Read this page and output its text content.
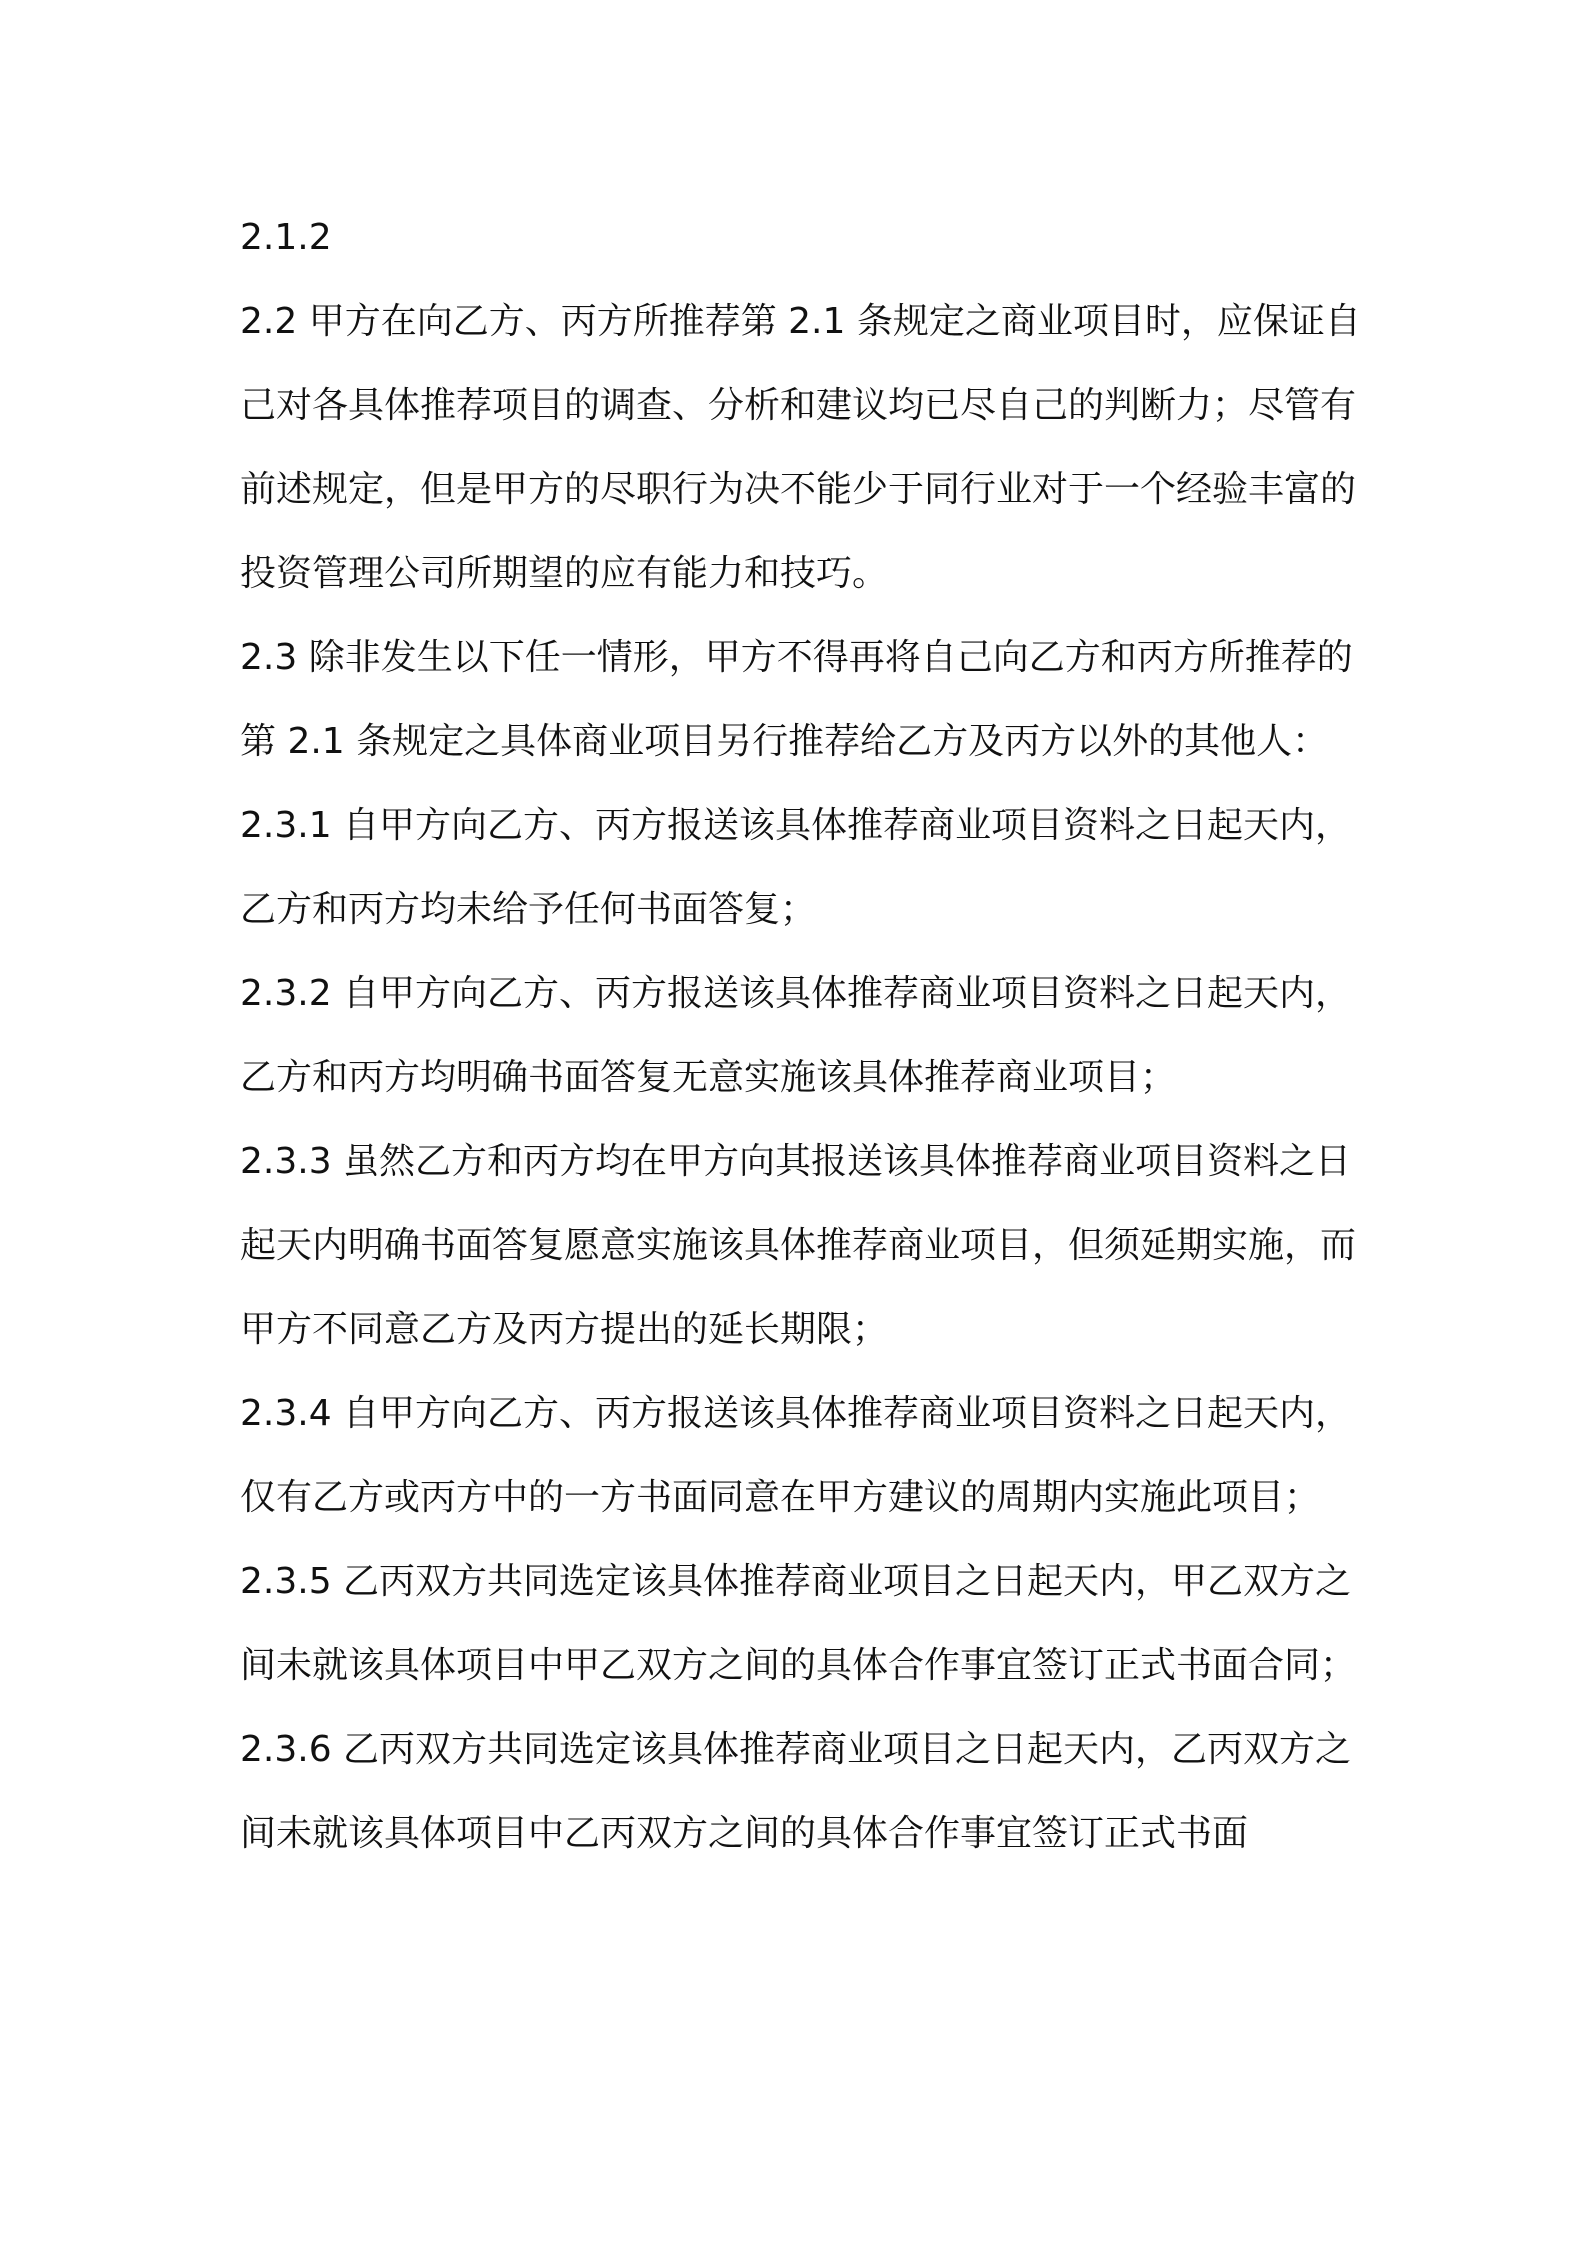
2.1.2

2.2 甲方在向乙方、丙方所推荐第 2.1 条规定之商业项目时，应保证自己对各具体推荐项目的调查、分析和建议均已尽自己的判断力；尽管有前述规定，但是甲方的尽职行为决不能少于同行业对于一个经验丰富的投资管理公司所期望的应有能力和技巧。

2.3 除非发生以下任一情形，甲方不得再将自己向乙方和丙方所推荐的第 2.1 条规定之具体商业项目另行推荐给乙方及丙方以外的其他人：

2.3.1 自甲方向乙方、丙方报送该具体推荐商业项目资料之日起天内，乙方和丙方均未给予任何书面答复；

2.3.2 自甲方向乙方、丙方报送该具体推荐商业项目资料之日起天内，乙方和丙方均明确书面答复无意实施该具体推荐商业项目；

2.3.3 虽然乙方和丙方均在甲方向其报送该具体推荐商业项目资料之日起天内明确书面答复愿意实施该具体推荐商业项目，但须延期实施，而甲方不同意乙方及丙方提出的延长期限；

2.3.4 自甲方向乙方、丙方报送该具体推荐商业项目资料之日起天内，仅有乙方或丙方中的一方书面同意在甲方建议的周期内实施此项目；

2.3.5 乙丙双方共同选定该具体推荐商业项目之日起天内，甲乙双方之间未就该具体项目中甲乙双方之间的具体合作事宜签订正式书面合同；

2.3.6 乙丙双方共同选定该具体推荐商业项目之日起天内，乙丙双方之间未就该具体项目中乙丙双方之间的具体合作事宜签订正式书面
